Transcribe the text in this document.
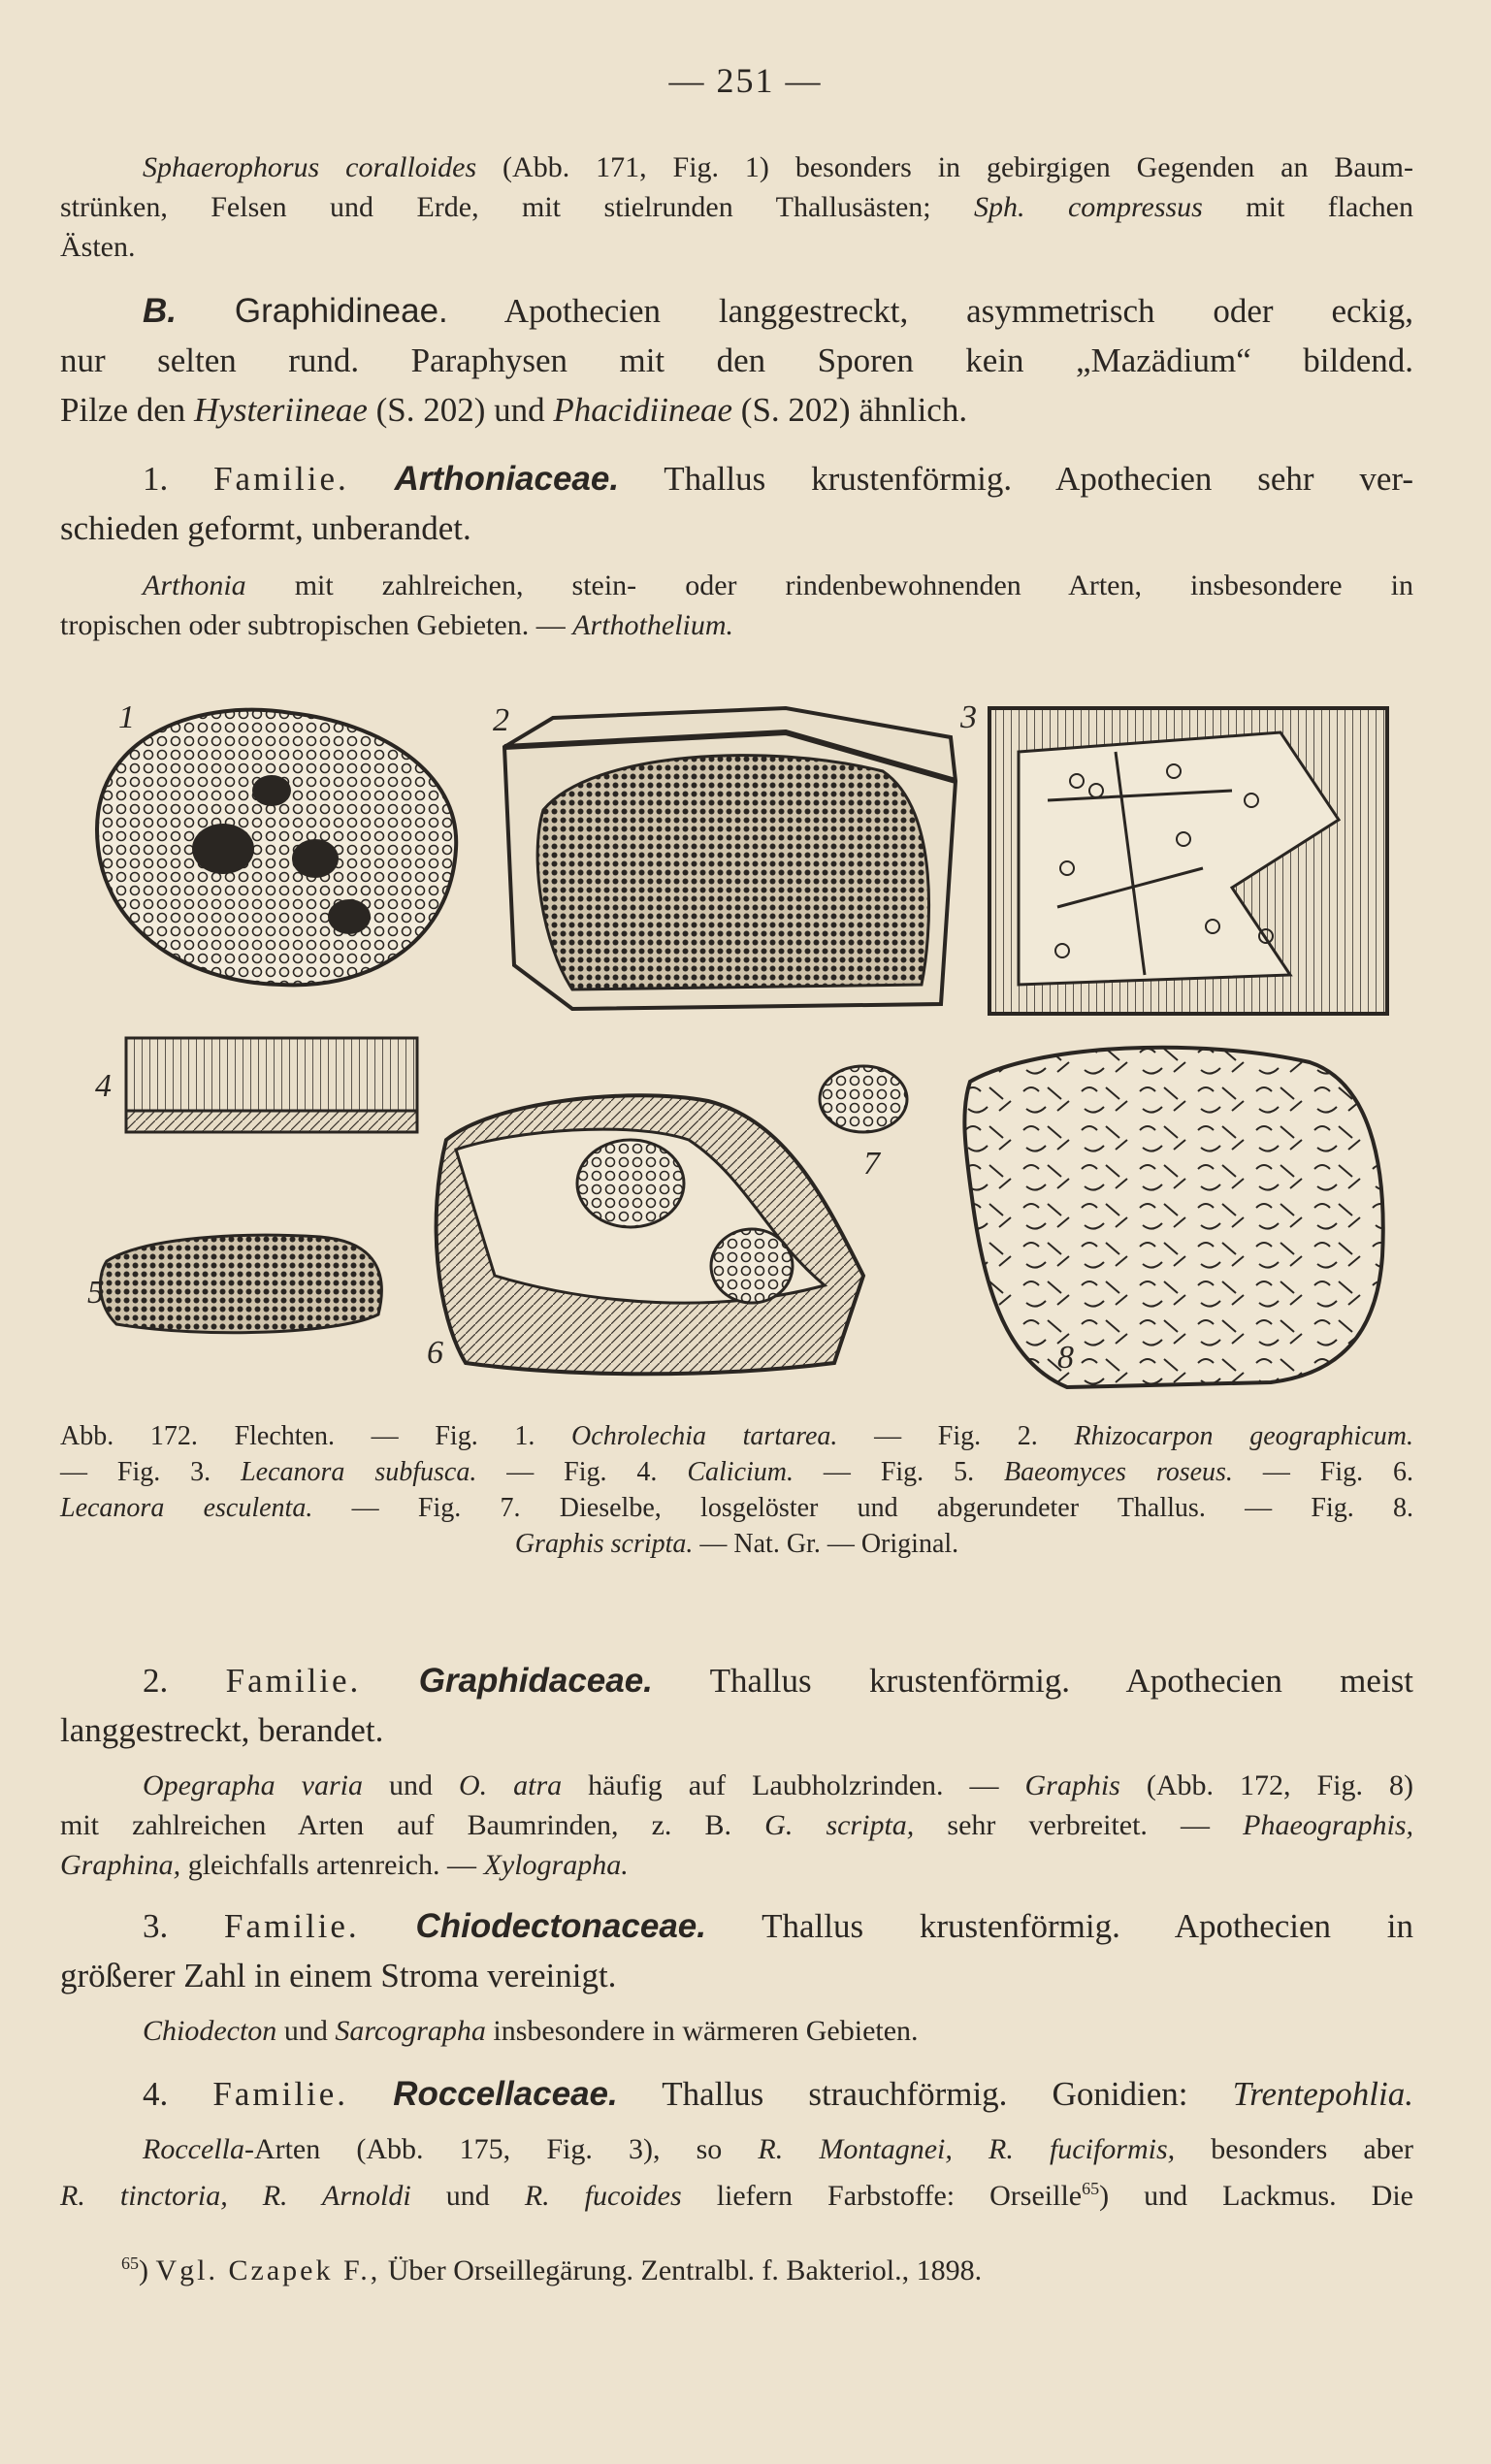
— 251 —
Sphaerophorus coralloides (Abb. 171, Fig. 1) besonders in gebirgigen Gegenden an Baum-
strünken, Felsen und Erde, mit stielrunden Thallusästen; Sph. compressus mit flachen
Ästen.
B. Graphidineae. Apothecien langgestreckt, asymmetrisch oder eckig,
nur selten rund. Paraphysen mit den Sporen kein „Mazädium“ bildend.
Pilze den Hysteriineae (S. 202) und Phacidiineae (S. 202) ähnlich.
1. Familie. Arthoniaceae. Thallus krustenförmig. Apothecien sehr ver-
schieden geformt, unberandet.
Arthonia mit zahlreichen, stein- oder rindenbewohnenden Arten, insbesondere in
tropischen oder subtropischen Gebieten. — Arthothelium.
1	2	3
4
5
6
7
8
Abb. 172. Flechten. — Fig. 1. Ochrolechia tartarea. — Fig. 2. Rhizocarpon geographicum.
— Fig. 3. Lecanora subfusca. — Fig. 4. Calicium. — Fig. 5. Baeomyces roseus. — Fig. 6.
Lecanora esculenta. — Fig. 7. Dieselbe, losgelöster und abgerundeter Thallus. — Fig. 8.
Graphis scripta. — Nat. Gr. — Original.
2. Familie. Graphidaceae. Thallus krustenförmig. Apothecien meist
langgestreckt, berandet.
Opegrapha varia und O. atra häufig auf Laubholzrinden. — Graphis (Abb. 172, Fig. 8)
mit zahlreichen Arten auf Baumrinden, z. B. G. scripta, sehr verbreitet. — Phaeographis,
Graphina, gleichfalls artenreich. — Xylographa.
3. Familie. Chiodectonaceae. Thallus krustenförmig. Apothecien in
größerer Zahl in einem Stroma vereinigt.
Chiodecton und Sarcographa insbesondere in wärmeren Gebieten.
4. Familie. Roccellaceae. Thallus strauchförmig. Gonidien: Trentepohlia.
Roccella-Arten (Abb. 175, Fig. 3), so R. Montagnei, R. fuciformis, besonders aber
R. tinctoria, R. Arnoldi und R. fucoides liefern Farbstoffe: Orseille$^{65}$) und Lackmus. Die
$^{65}$) Vgl. Czapek F., Über Orseillegärung. Zentralbl. f. Bakteriol., 1898.
